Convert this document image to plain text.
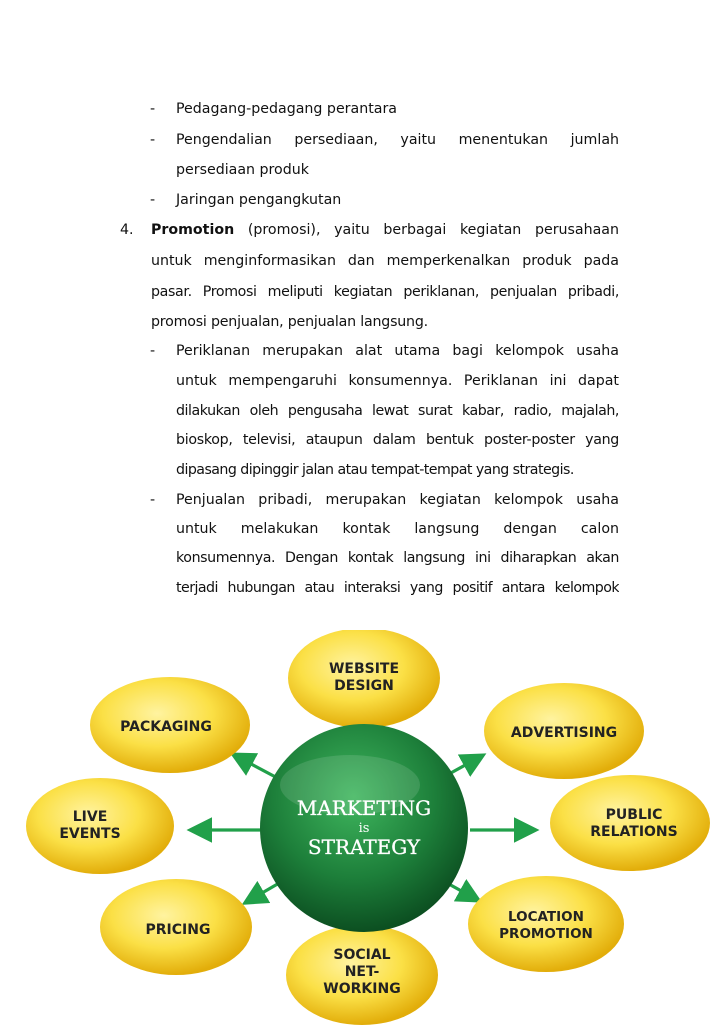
-	Pedagang-pedagang perantara
-	Pengendalian persediaan, yaitu menentukan jumlah
persediaan produk
-	Jaringan pengangkutan
4. Promotion (promosi), yaitu berbagai kegiatan perusahaan
untuk menginformasikan dan memperkenalkan produk pada
pasar. Promosi meliputi kegiatan periklanan, penjualan pribadi,
promosi penjualan, penjualan langsung.
-	Periklanan merupakan alat utama bagi kelompok usaha
untuk mempengaruhi konsumennya. Periklanan ini dapat
dilakukan oleh pengusaha lewat surat kabar, radio, majalah,
bioskop, televisi, ataupun dalam bentuk poster-poster yang
dipasang dipinggir jalan atau tempat-tempat yang strategis.
-	Penjualan pribadi, merupakan kegiatan kelompok usaha
untuk melakukan kontak langsung dengan calon
konsumennya. Dengan kontak langsung ini diharapkan akan
terjadi hubungan atau interaksi yang positif antara kelompok
WEBSITE
DESIGN
ADVERTISING
PUBLIC
RELATIONS
LOCATION
PROMOTION
SOCIAL
NET-
WORKING
PRICING
LIVE
EVENTS
PACKAGING
MARKETING
is
STRATEGY
